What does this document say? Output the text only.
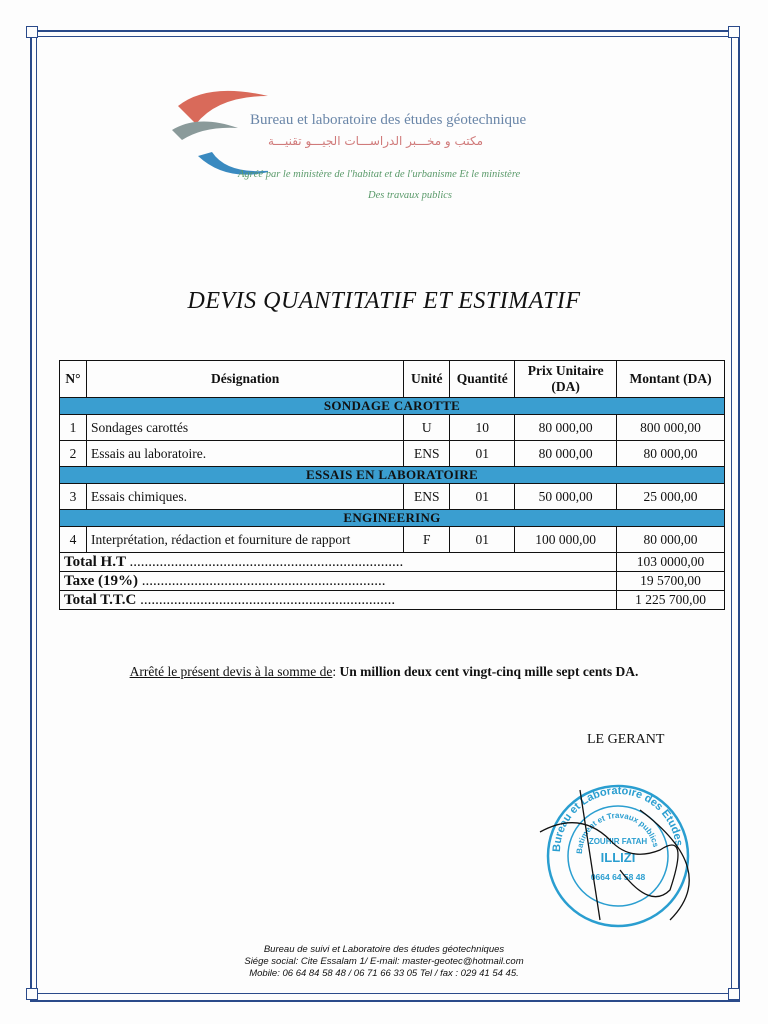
Bureau et laboratoire des études géotechnique
مكتب و مخـــبر الدراســـات الجيـــو تقنيـــة
Agréé par le ministère de l'habitat et de l'urbanisme Et le ministère
Des travaux publics
DEVIS QUANTITATIF ET ESTIMATIF
N°	Désignation	Unité	Quantité	Prix Unitaire (DA)	Montant (DA)
SONDAGE CAROTTE					
1	Sondages carottés	U	10	80 000,00	800 000,00
2	Essais au laboratoire.	ENS	01	80 000,00	80 000,00
ESSAIS EN LABORATOIRE					
3	Essais chimiques.	ENS	01	50 000,00	25 000,00
ENGINEERING					
4	Interprétation, rédaction et fourniture de rapport	F	01	100 000,00	80 000,00
Total H.T .........................................................................					103 0000,00
Taxe (19%) .................................................................					19 5700,00
Total T.T.C ....................................................................					1 225 700,00
Arrêté le présent devis à la somme de: Un million deux cent vingt-cinq mille sept cents DA.
LE GERANT
Bureau et Laboratoire des Études
Batiment et Travaux publics
ZOUHIR FATAH
ILLIZI
0664 64 58 48
Bureau de suivi et Laboratoire des études géotechniques
Siége social: Cite Essalam 1/ E-mail: master-geotec@hotmail.com
Mobile: 06 64 84 58 48 / 06 71 66 33 05 Tel / fax : 029 41 54 45.
